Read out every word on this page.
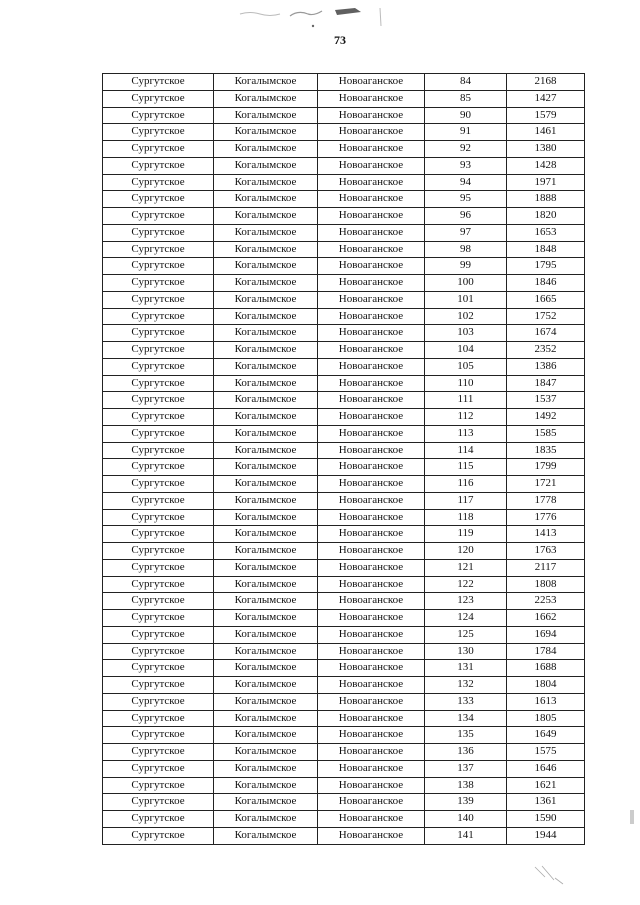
73
Сургутское	Когалымское	Новоаганское	84	2168
Сургутское	Когалымское	Новоаганское	85	1427
Сургутское	Когалымское	Новоаганское	90	1579
Сургутское	Когалымское	Новоаганское	91	1461
Сургутское	Когалымское	Новоаганское	92	1380
Сургутское	Когалымское	Новоаганское	93	1428
Сургутское	Когалымское	Новоаганское	94	1971
Сургутское	Когалымское	Новоаганское	95	1888
Сургутское	Когалымское	Новоаганское	96	1820
Сургутское	Когалымское	Новоаганское	97	1653
Сургутское	Когалымское	Новоаганское	98	1848
Сургутское	Когалымское	Новоаганское	99	1795
Сургутское	Когалымское	Новоаганское	100	1846
Сургутское	Когалымское	Новоаганское	101	1665
Сургутское	Когалымское	Новоаганское	102	1752
Сургутское	Когалымское	Новоаганское	103	1674
Сургутское	Когалымское	Новоаганское	104	2352
Сургутское	Когалымское	Новоаганское	105	1386
Сургутское	Когалымское	Новоаганское	110	1847
Сургутское	Когалымское	Новоаганское	111	1537
Сургутское	Когалымское	Новоаганское	112	1492
Сургутское	Когалымское	Новоаганское	113	1585
Сургутское	Когалымское	Новоаганское	114	1835
Сургутское	Когалымское	Новоаганское	115	1799
Сургутское	Когалымское	Новоаганское	116	1721
Сургутское	Когалымское	Новоаганское	117	1778
Сургутское	Когалымское	Новоаганское	118	1776
Сургутское	Когалымское	Новоаганское	119	1413
Сургутское	Когалымское	Новоаганское	120	1763
Сургутское	Когалымское	Новоаганское	121	2117
Сургутское	Когалымское	Новоаганское	122	1808
Сургутское	Когалымское	Новоаганское	123	2253
Сургутское	Когалымское	Новоаганское	124	1662
Сургутское	Когалымское	Новоаганское	125	1694
Сургутское	Когалымское	Новоаганское	130	1784
Сургутское	Когалымское	Новоаганское	131	1688
Сургутское	Когалымское	Новоаганское	132	1804
Сургутское	Когалымское	Новоаганское	133	1613
Сургутское	Когалымское	Новоаганское	134	1805
Сургутское	Когалымское	Новоаганское	135	1649
Сургутское	Когалымское	Новоаганское	136	1575
Сургутское	Когалымское	Новоаганское	137	1646
Сургутское	Когалымское	Новоаганское	138	1621
Сургутское	Когалымское	Новоаганское	139	1361
Сургутское	Когалымское	Новоаганское	140	1590
Сургутское	Когалымское	Новоаганское	141	1944
